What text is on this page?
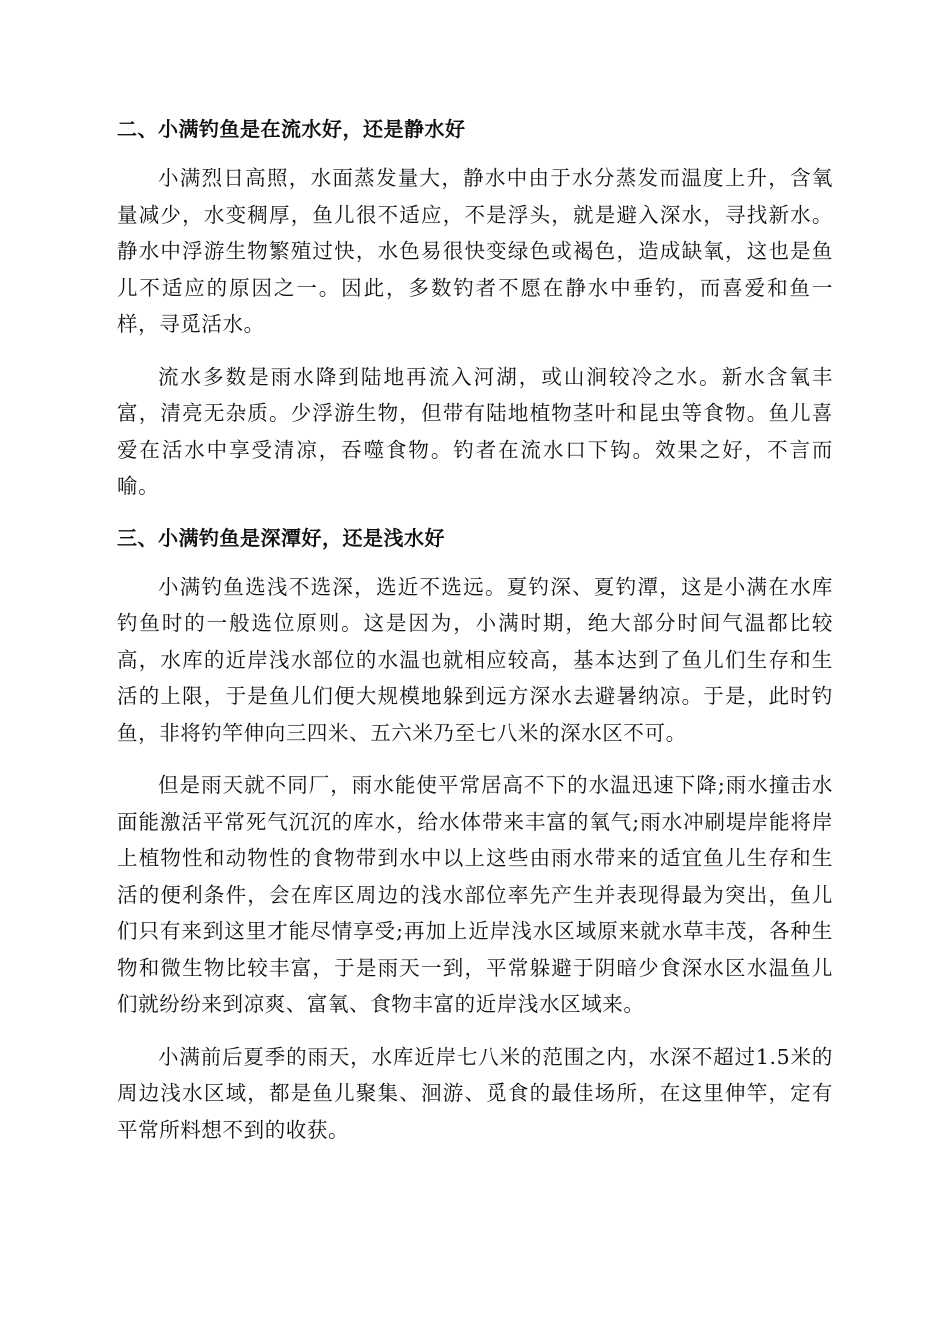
二、小满钓鱼是在流水好，还是静水好

小满烈日高照，水面蒸发量大，静水中由于水分蒸发而温度上升，含氧量减少，水变稠厚，鱼儿很不适应，不是浮头，就是避入深水，寻找新水。静水中浮游生物繁殖过快，水色易很快变绿色或褐色，造成缺氧，这也是鱼儿不适应的原因之一。因此，多数钓者不愿在静水中垂钓，而喜爱和鱼一样，寻觅活水。

流水多数是雨水降到陆地再流入河湖，或山涧较冷之水。新水含氧丰富，清亮无杂质。少浮游生物，但带有陆地植物茎叶和昆虫等食物。鱼儿喜爱在活水中享受清凉，吞噬食物。钓者在流水口下钩。效果之好，不言而喻。

三、小满钓鱼是深潭好，还是浅水好

小满钓鱼选浅不选深，选近不选远。夏钓深、夏钓潭，这是小满在水库钓鱼时的一般选位原则。这是因为，小满时期，绝大部分时间气温都比较高，水库的近岸浅水部位的水温也就相应较高，基本达到了鱼儿们生存和生活的上限，于是鱼儿们便大规模地躲到远方深水去避暑纳凉。于是，此时钓鱼，非将钓竿伸向三四米、五六米乃至七八米的深水区不可。

但是雨天就不同厂，雨水能使平常居高不下的水温迅速下降;雨水撞击水面能激活平常死气沉沉的库水，给水体带来丰富的氧气;雨水冲刷堤岸能将岸上植物性和动物性的食物带到水中以上这些由雨水带来的适宜鱼儿生存和生活的便利条件，会在库区周边的浅水部位率先产生并表现得最为突出，鱼儿们只有来到这里才能尽情享受;再加上近岸浅水区域原来就水草丰茂，各种生物和微生物比较丰富，于是雨天一到，平常躲避于阴暗少食深水区水温鱼儿们就纷纷来到凉爽、富氧、食物丰富的近岸浅水区域来。

小满前后夏季的雨天，水库近岸七八米的范围之内，水深不超过1.5米的周边浅水区域，都是鱼儿聚集、洄游、觅食的最佳场所，在这里伸竿，定有平常所料想不到的收获。
